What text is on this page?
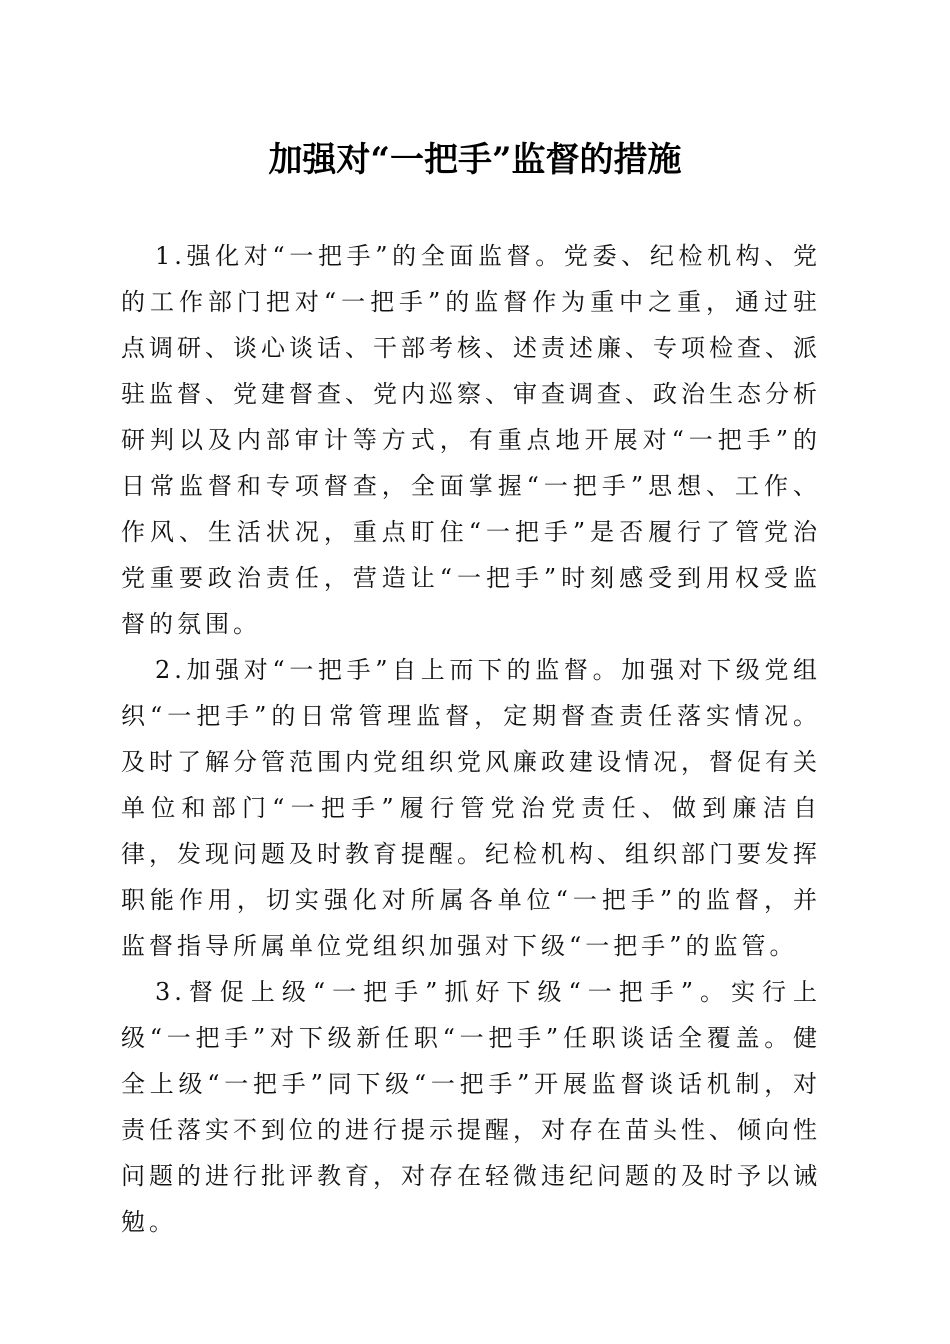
加强对“一把手”监督的措施

1.强化对“一把手”的全面监督。党委、纪检机构、党的工作部门把对“一把手”的监督作为重中之重，通过驻点调研、谈心谈话、干部考核、述责述廉、专项检查、派驻监督、党建督查、党内巡察、审查调查、政治生态分析研判以及内部审计等方式，有重点地开展对“一把手”的日常监督和专项督查，全面掌握“一把手”思想、工作、作风、生活状况，重点盯住“一把手”是否履行了管党治党重要政治责任，营造让“一把手”时刻感受到用权受监督的氛围。

2.加强对“一把手”自上而下的监督。加强对下级党组织“一把手”的日常管理监督，定期督查责任落实情况。及时了解分管范围内党组织党风廉政建设情况，督促有关单位和部门“一把手”履行管党治党责任、做到廉洁自律，发现问题及时教育提醒。纪检机构、组织部门要发挥职能作用，切实强化对所属各单位“一把手”的监督，并监督指导所属单位党组织加强对下级“一把手”的监管。

3.督促上级“一把手”抓好下级“一把手”。实行上级“一把手”对下级新任职“一把手”任职谈话全覆盖。健全上级“一把手”同下级“一把手”开展监督谈话机制，对责任落实不到位的进行提示提醒，对存在苗头性、倾向性问题的进行批评教育，对存在轻微违纪问题的及时予以诫勉。
